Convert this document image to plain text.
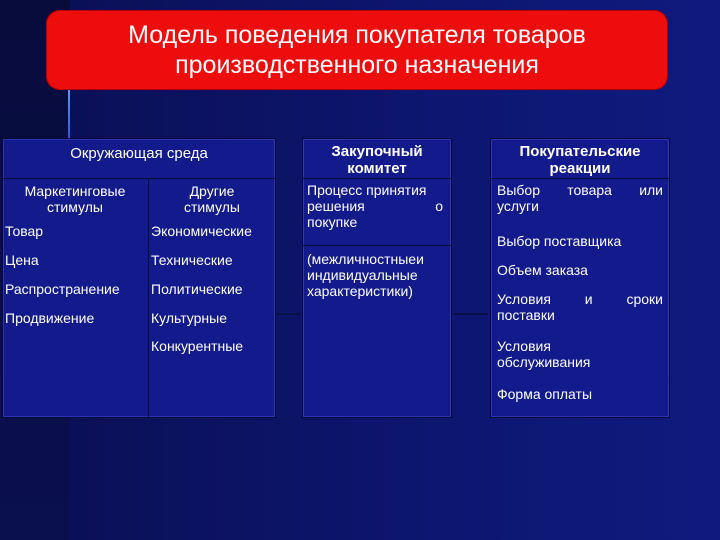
Модель поведения покупателя товаров
производственного назначения
Окружающая среда
Маркетинговые
стимулы
Другие
стимулы
Товар
Цена
Распространение
Продвижение
Экономические
Технические
Политические
Культурные
Конкурентные
Закупочный
комитет
Процесс принятия
решения	о
покупке
(межличностныеи
индивидуальные
характеристики)
Покупательские
реакции
Выбор товара или
услуги
Выбор поставщика
Объем заказа
Условия и сроки
поставки
Условия
обслуживания
Форма оплаты
